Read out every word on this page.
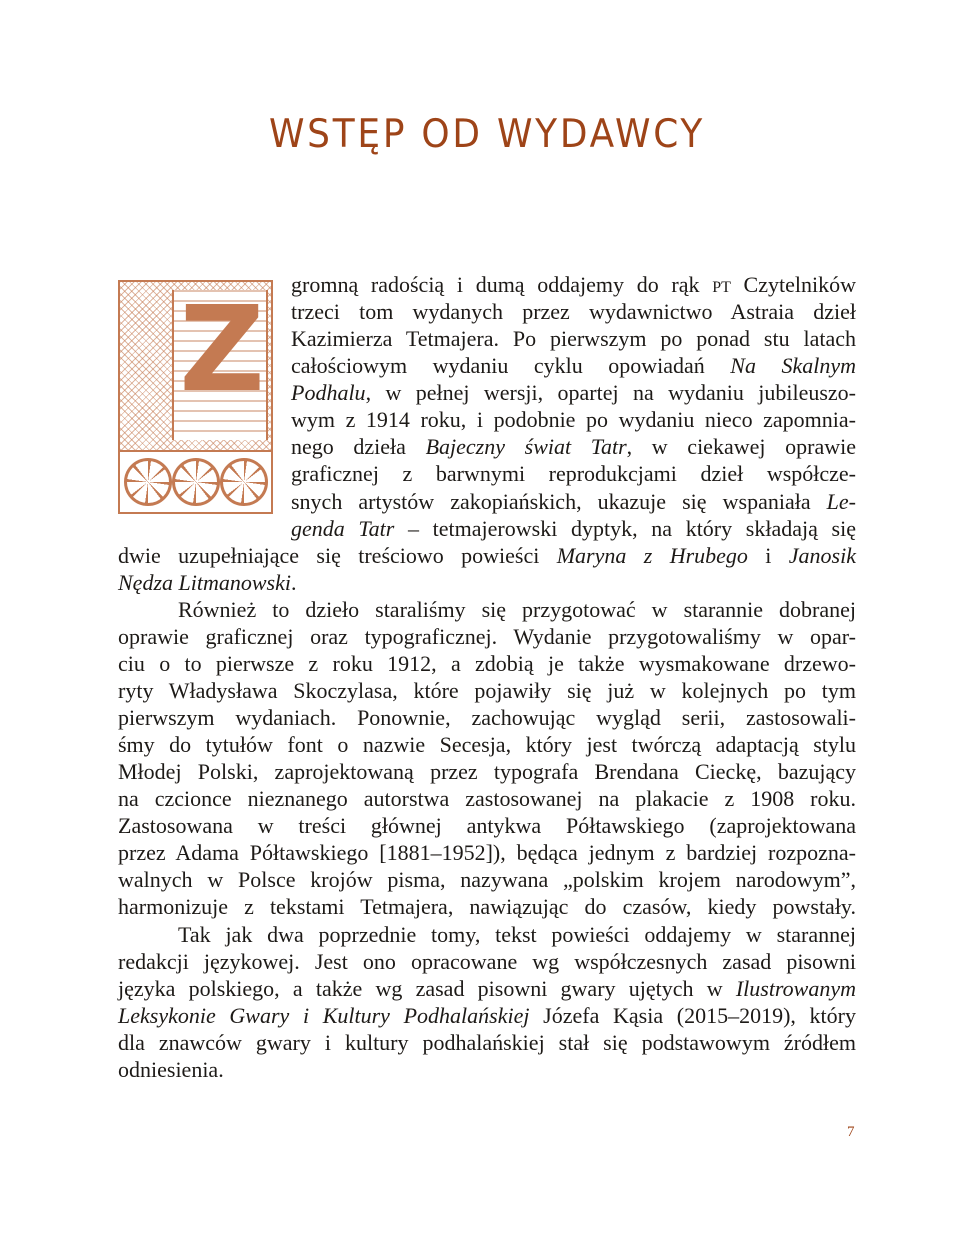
WSTĘP OD WYDAWCY
Z	gromną radością i dumą oddajemy do rąk PT Czytelników
trzeci tom wydanych przez wydawnictwo Astraia dzieł
Kazimierza Tetmajera. Po pierwszym po ponad stu latach
całościowym wydaniu cyklu opowiadań Na Skalnym
Podhalu, w pełnej wersji, opartej na wydaniu jubileuszo-
wym z 1914 roku, i podobnie po wydaniu nieco zapomnia-
nego dzieła Bajeczny świat Tatr, w ciekawej oprawie
graficznej z barwnymi reprodukcjami dzieł współcze-
snych artystów zakopiańskich, ukazuje się wspaniała Le-
genda Tatr – tetmajerowski dyptyk, na który składają się
dwie uzupełniające się treściowo powieści Maryna z Hrubego i Janosik
Nędza Litmanowski.
Również to dzieło staraliśmy się przygotować w starannie dobranej
oprawie graficznej oraz typograficznej. Wydanie przygotowaliśmy w opar-
ciu o to pierwsze z roku 1912, a zdobią je także wysmakowane drzewo-
ryty Władysława Skoczylasa, które pojawiły się już w kolejnych po tym
pierwszym wydaniach. Ponownie, zachowując wygląd serii, zastosowali-
śmy do tytułów font o nazwie Secesja, który jest twórczą adaptacją stylu
Młodej Polski, zaprojektowaną przez typografa Brendana Cieckę, bazujący
na czcionce nieznanego autorstwa zastosowanej na plakacie z 1908 roku.
Zastosowana w treści głównej antykwa Półtawskiego (zaprojektowana
przez Adama Półtawskiego [1881–1952]), będąca jednym z bardziej rozpozna-
walnych w Polsce krojów pisma, nazywana „polskim krojem narodowym”,
harmonizuje z tekstami Tetmajera, nawiązując do czasów, kiedy powstały.
Tak jak dwa poprzednie tomy, tekst powieści oddajemy w starannej
redakcji językowej. Jest ono opracowane wg współczesnych zasad pisowni
języka polskiego, a także wg zasad pisowni gwary ujętych w Ilustrowanym
Leksykonie Gwary i Kultury Podhalańskiej Józefa Kąsia (2015–2019), który
dla znawców gwary i kultury podhalańskiej stał się podstawowym źródłem
odniesienia.
7
